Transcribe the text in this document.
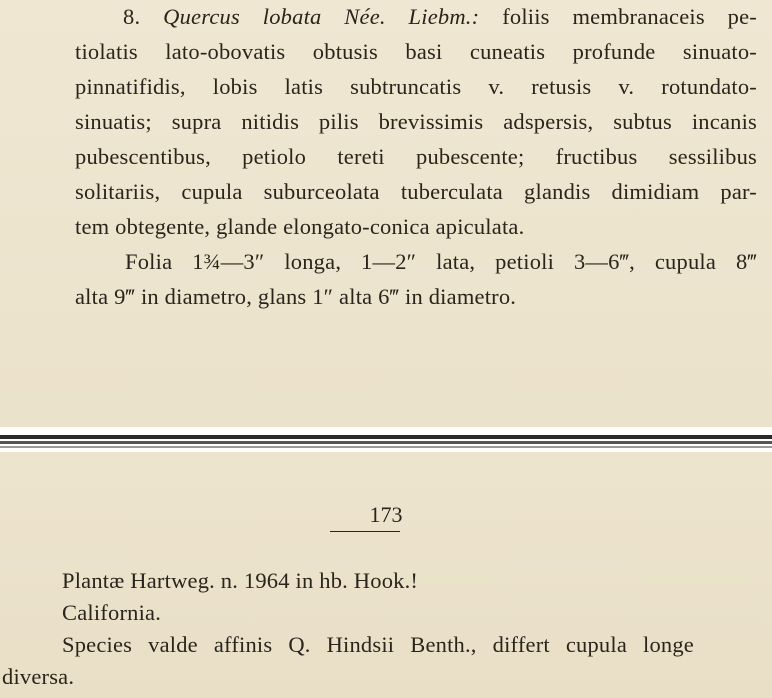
8. Quercus lobata Née. Liebm.: foliis membranaceis pe-
tiolatis lato-obovatis obtusis basi cuneatis profunde sinuato-
pinnatifidis, lobis latis subtruncatis v. retusis v. rotundato-
sinuatis; supra nitidis pilis brevissimis adspersis, subtus incanis
pubescentibus, petiolo tereti pubescente; fructibus sessilibus
solitariis, cupula suburceolata tuberculata glandis dimidiam par-
tem obtegente, glande elongato-conica apiculata.
Folia 1¾—3″ longa, 1—2″ lata, petioli 3—6‴, cupula 8‴
alta 9‴ in diametro, glans 1″ alta 6‴ in diametro.
173
Plantæ Hartweg. n. 1964 in hb. Hook.!
California.
Species valde affinis Q. Hindsii Benth., differt cupula longe
diversa.
